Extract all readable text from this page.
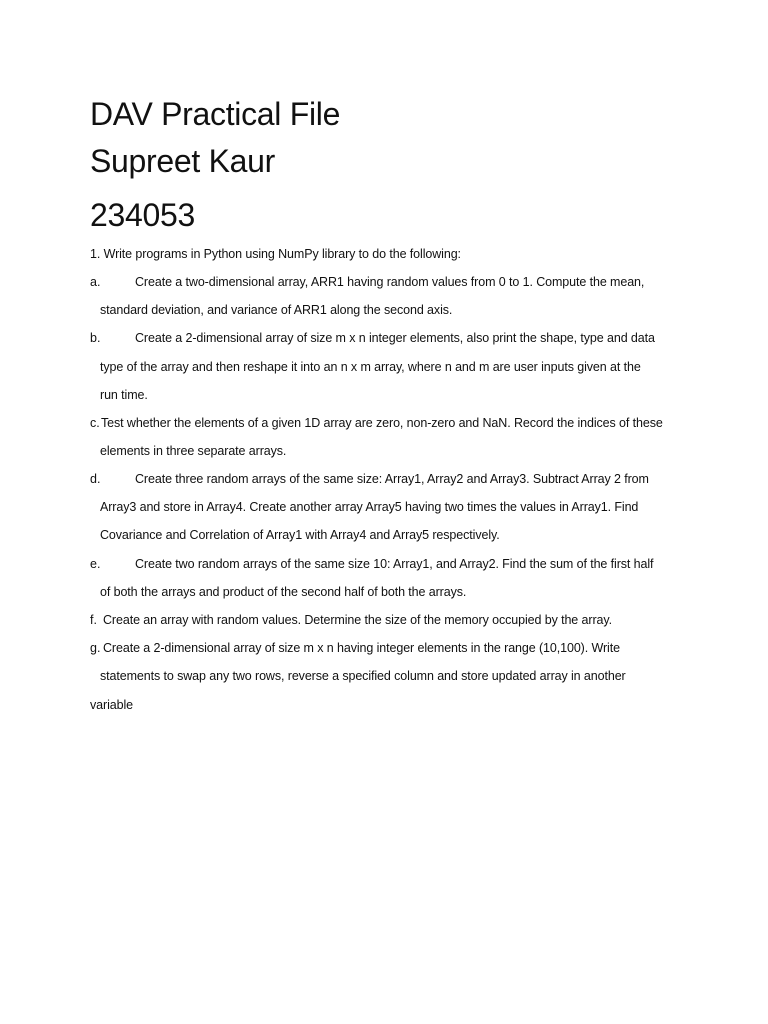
DAV Practical File
Supreet Kaur
234053
1. Write programs in Python using NumPy library to do the following:
a.	Create a two-dimensional array, ARR1 having random values from 0 to 1. Compute the mean,
standard deviation, and variance of ARR1 along the second axis.
b.	Create a 2-dimensional array of size m x n integer elements, also print the shape, type and data
type of the array and then reshape it into an n x m array, where n and m are user inputs given at the
run time.
c. Test whether the elements of a given 1D array are zero, non-zero and NaN. Record the indices of these
elements in three separate arrays.
d.	Create three random arrays of the same size: Array1, Array2 and Array3. Subtract Array 2 from
Array3 and store in Array4. Create another array Array5 having two times the values in Array1. Find
Covariance and Correlation of Array1 with Array4 and Array5 respectively.
e.	Create two random arrays of the same size 10: Array1, and Array2. Find the sum of the first half
of both the arrays and product of the second half of both the arrays.
f. Create an array with random values. Determine the size of the memory occupied by the array.
g. Create a 2-dimensional array of size m x n having integer elements in the range (10,100). Write
statements to swap any two rows, reverse a specified column and store updated array in another
variable
